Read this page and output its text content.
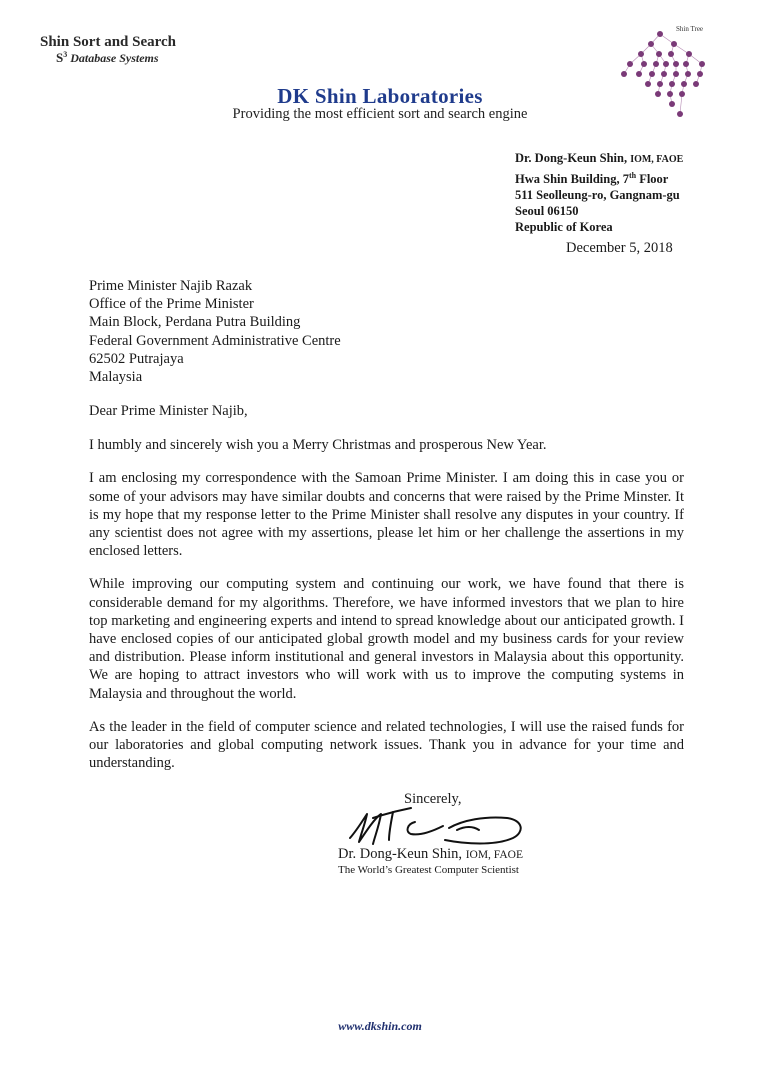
Shin Sort and Search
$S^3$ Database Systems
Shin Tree
DK Shin Laboratories
Providing the most efficient sort and search engine
Dr. Dong-Keun Shin, IOM, FAOE
Hwa Shin Building, 7th Floor
511 Seolleung-ro, Gangnam-gu
Seoul 06150
Republic of Korea
December 5, 2018
Prime Minister Najib Razak
Office of the Prime Minister
Main Block, Perdana Putra Building
Federal Government Administrative Centre
62502 Putrajaya
Malaysia

Dear Prime Minister Najib,

I humbly and sincerely wish you a Merry Christmas and prosperous New Year.

I am enclosing my correspondence with the Samoan Prime Minister. I am doing this in case you or some of your advisors may have similar doubts and concerns that were raised by the Prime Minster. It is my hope that my response letter to the Prime Minister shall resolve any disputes in your country. If any scientist does not agree with my assertions, please let him or her challenge the assertions in my enclosed letters.

While improving our computing system and continuing our work, we have found that there is considerable demand for my algorithms. Therefore, we have informed investors that we plan to hire top marketing and engineering experts and intend to spread knowledge about our anticipated growth. I have enclosed copies of our anticipated global growth model and my business cards for your review and distribution. Please inform institutional and general investors in Malaysia about this opportunity. We are hoping to attract investors who will work with us to improve the computing systems in Malaysia and throughout the world.

As the leader in the field of computer science and related technologies, I will use the raised funds for our laboratories and global computing network issues. Thank you in advance for your time and understanding.

Sincerely,
Dr. Dong-Keun Shin, IOM, FAOE
The World’s Greatest Computer Scientist
www.dkshin.com
